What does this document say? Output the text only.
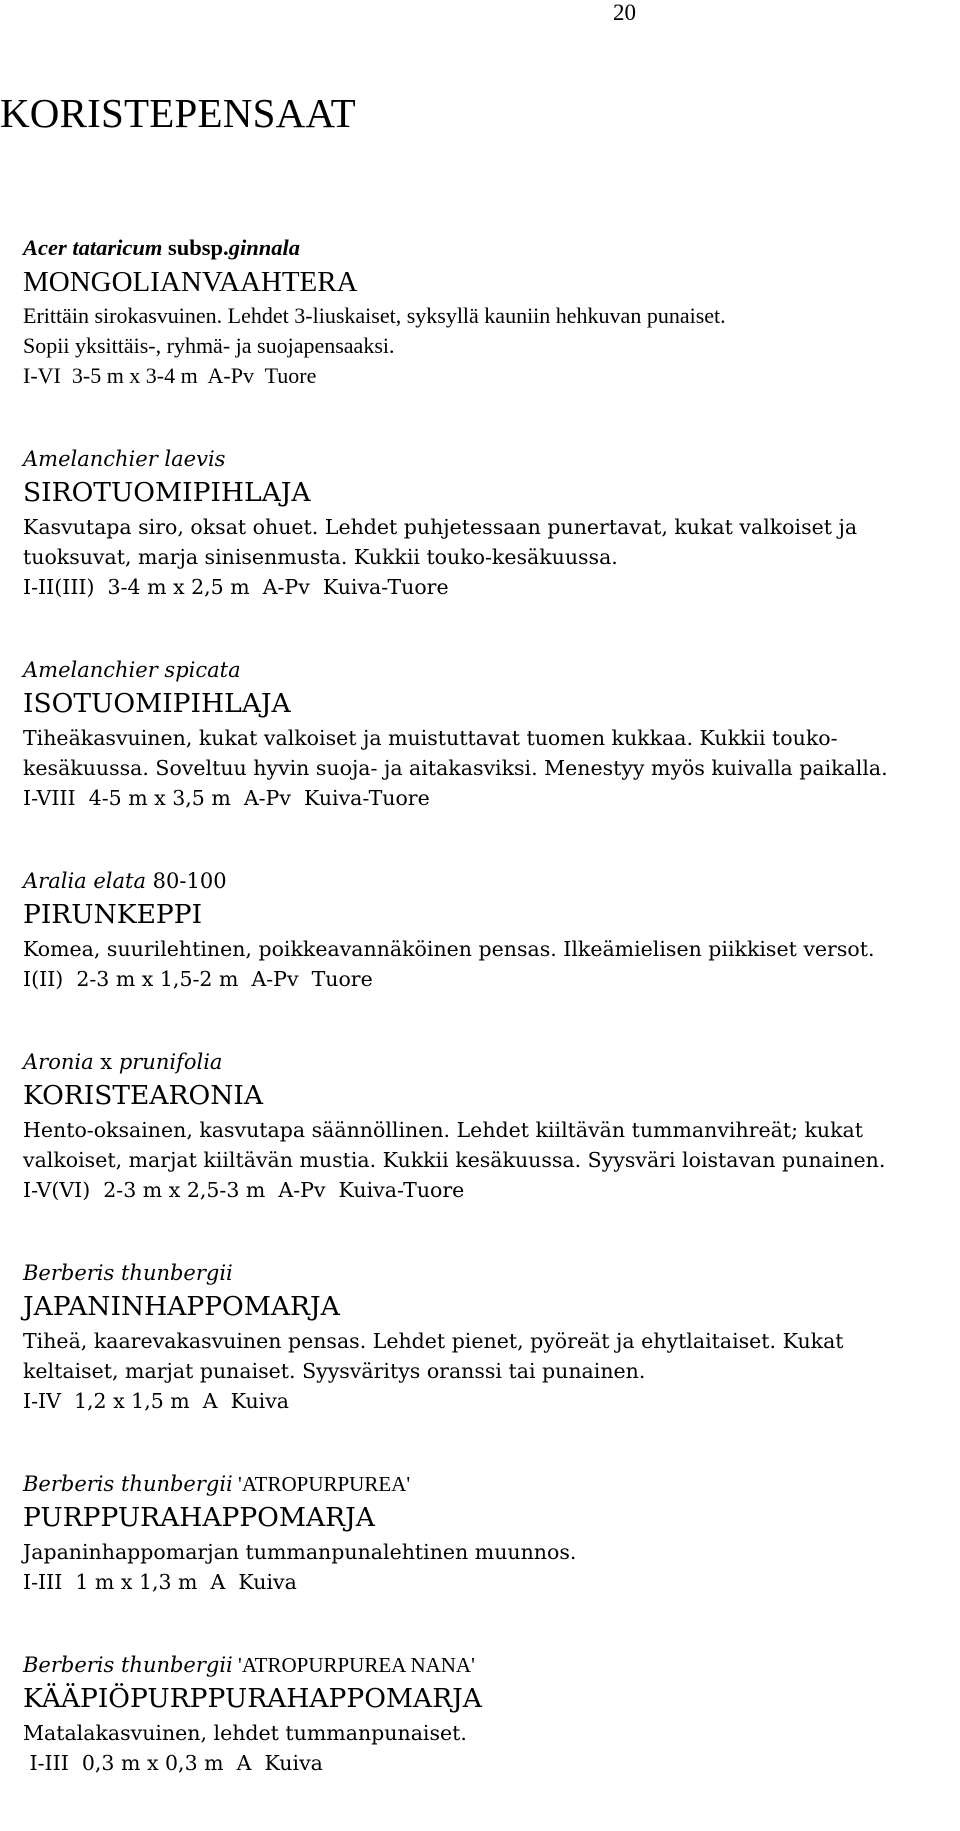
20
KORISTEPENSAAT
Acer tataricum subsp.ginnala
MONGOLIANVAAHTERA
Erittäin sirokasvuinen. Lehdet 3-liuskaiset, syksyllä kauniin hehkuvan punaiset.
Sopii yksittäis-, ryhmä- ja suojapensaaksi.
I-VI  3-5 m x 3-4 m  A-Pv  Tuore
Amelanchier laevis
SIROTUOMIPIHLAJA
Kasvutapa siro, oksat ohuet. Lehdet puhjetessaan punertavat, kukat valkoiset ja
tuoksuvat, marja sinisenmusta. Kukkii touko-kesäkuussa.
I-II(III)  3-4 m x 2,5 m  A-Pv  Kuiva-Tuore
Amelanchier spicata
ISOTUOMIPIHLAJA
Tiheäkasvuinen, kukat valkoiset ja muistuttavat tuomen kukkaa. Kukkii touko-
kesäkuussa. Soveltuu hyvin suoja- ja aitakasviksi. Menestyy myös kuivalla paikalla.
I-VIII  4-5 m x 3,5 m  A-Pv  Kuiva-Tuore
Aralia elata 80-100
PIRUNKEPPI
Komea, suurilehtinen, poikkeavannäköinen pensas. Ilkeämielisen piikkiset versot.
I(II)  2-3 m x 1,5-2 m  A-Pv  Tuore
Aronia x prunifolia
KORISTEARONIA
Hento-oksainen, kasvutapa säännöllinen. Lehdet kiiltävän tummanvihreät; kukat
valkoiset, marjat kiiltävän mustia. Kukkii kesäkuussa. Syysväri loistavan punainen.
I-V(VI)  2-3 m x 2,5-3 m  A-Pv  Kuiva-Tuore
Berberis thunbergii
JAPANINHAPPOMARJA
Tiheä, kaarevakasvuinen pensas. Lehdet pienet, pyöreät ja ehytlaitaiset. Kukat
keltaiset, marjat punaiset. Syysväritys oranssi tai punainen.
I-IV  1,2 x 1,5 m  A  Kuiva
Berberis thunbergii 'ATROPURPUREA'
PURPPURAHAPPOMARJA
Japaninhappomarjan tummanpunalehtinen muunnos.
I-III  1 m x 1,3 m  A  Kuiva
Berberis thunbergii 'ATROPURPUREA NANA'
KÄÄPIÖPURPPURAHAPPOMARJA
Matalakasvuinen, lehdet tummanpunaiset.
I-III  0,3 m x 0,3 m  A  Kuiva
